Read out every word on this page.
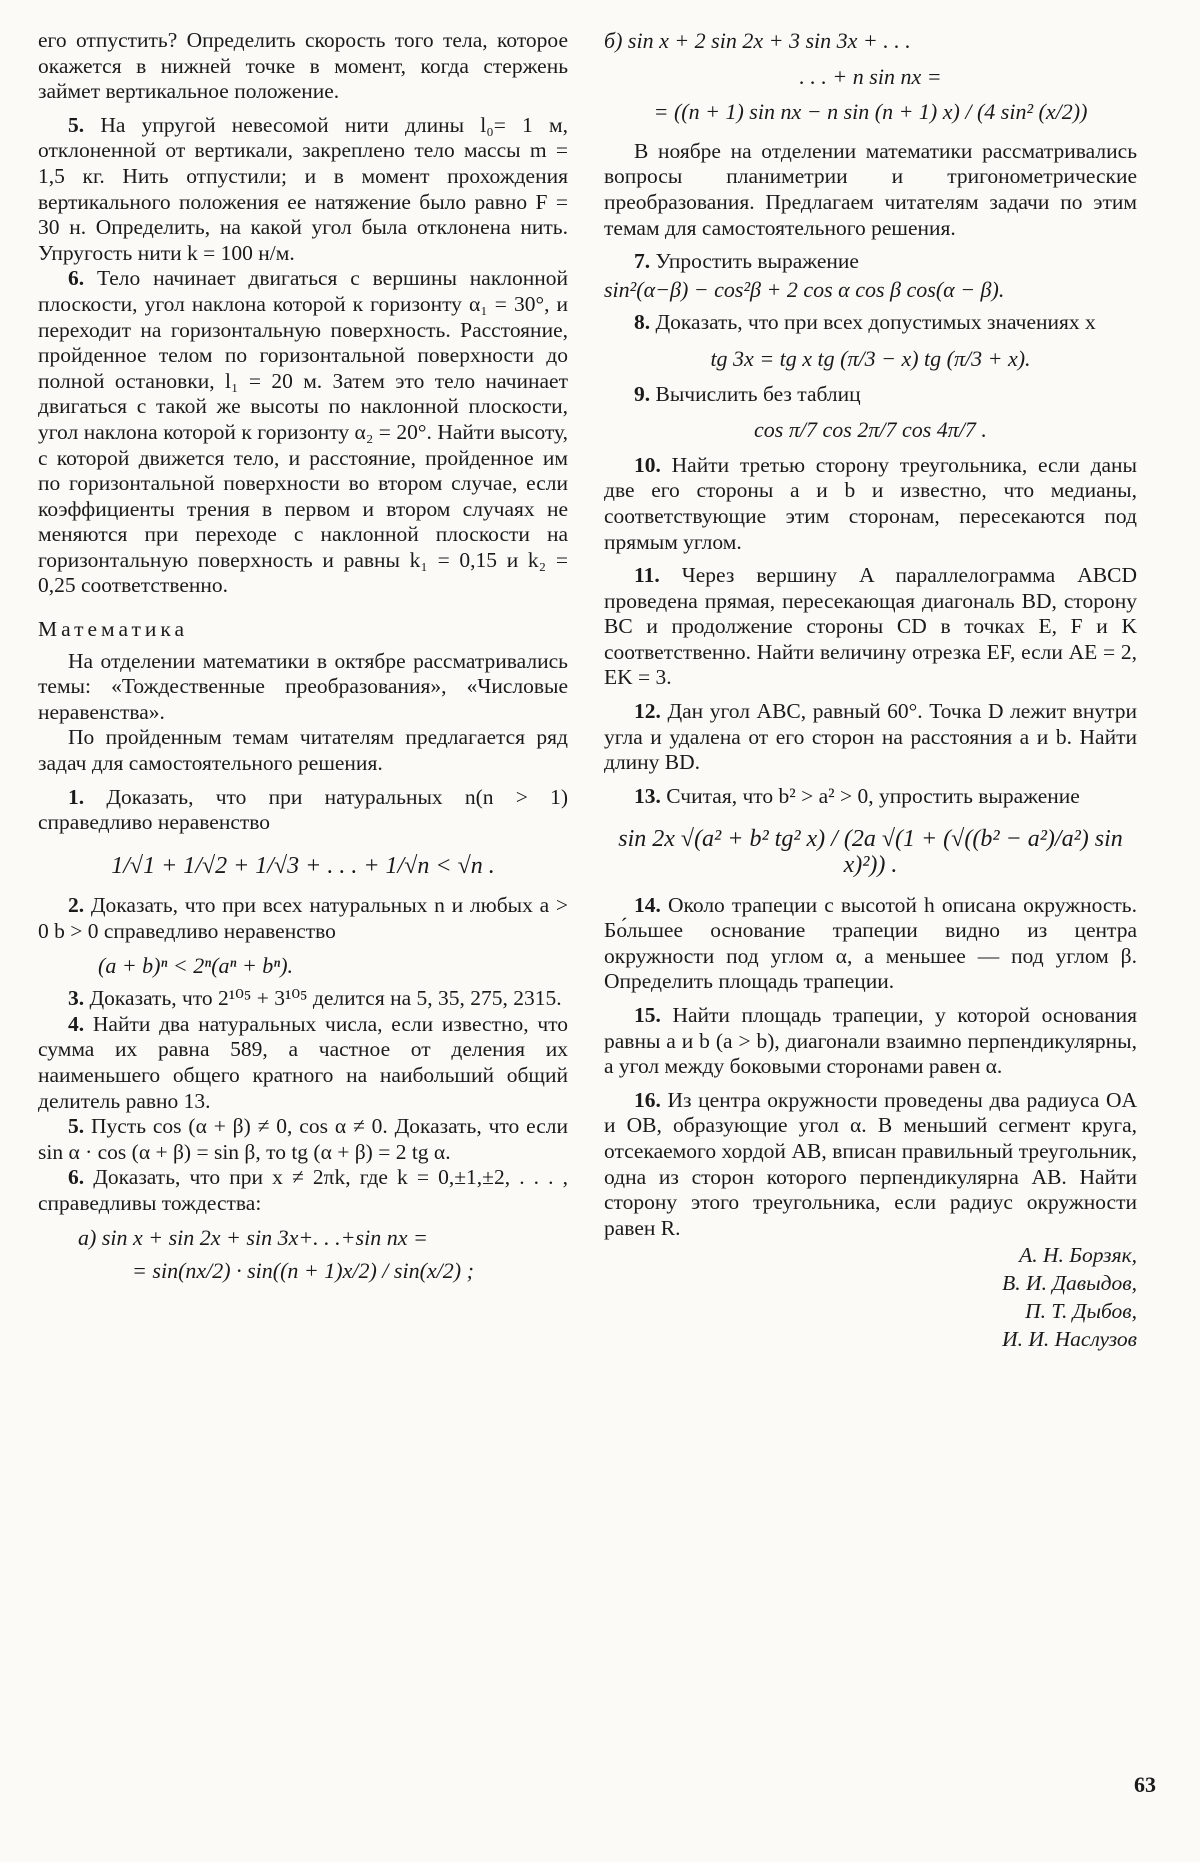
его отпустить? Определить скорость того тела, которое окажется в нижней точке в момент, когда стержень займет вертикальное положение.

5. На упругой невесомой нити длины l₀= 1 м, отклоненной от вертикали, закреплено тело массы m = 1,5 кг. Нить отпустили; и в момент прохождения вертикального положения ее натяжение было равно F = 30 н. Определить, на какой угол была отклонена нить. Упругость нити k = 100 н/м.

6. Тело начинает двигаться с вершины наклонной плоскости, угол наклона которой к горизонту α₁ = 30°, и переходит на горизонтальную поверхность. Расстояние, пройденное телом по горизонтальной поверхности до полной остановки, l₁ = 20 м. Затем это тело начинает двигаться с такой же высоты по наклонной плоскости, угол наклона которой к горизонту α₂ = 20°. Найти высоту, с которой движется тело, и расстояние, пройденное им по горизонтальной поверхности во втором случае, если коэффициенты трения в первом и втором случаях не меняются при переходе с наклонной плоскости на горизонтальную поверхность и равны k₁ = 0,15 и k₂ = 0,25 соответственно.

Математика

На отделении математики в октябре рассматривались темы: «Тождественные преобразования», «Числовые неравенства».

По пройденным темам читателям предлагается ряд задач для самостоятельного решения.

1. Доказать, что при натуральных n(n > 1) справедливо неравенство

1/√1 + 1/√2 + 1/√3 + . . . + 1/√n < √n .

2. Доказать, что при всех натуральных n и любых a > 0 b > 0 справедливо неравенство

(a + b)ⁿ < 2ⁿ(aⁿ + bⁿ).

3. Доказать, что 2¹⁰⁵ + 3¹⁰⁵ делится на 5, 35, 275, 2315.

4. Найти два натуральных числа, если известно, что сумма их равна 589, а частное от деления их наименьшего общего кратного на наибольший общий делитель равно 13.

5. Пусть cos (α + β) ≠ 0, cos α ≠ 0. Доказать, что если sin α · cos (α + β) = sin β, то tg (α + β) = 2 tg α.

6. Доказать, что при x ≠ 2πk, где k = 0,±1,±2, . . . , справедливы тождества:

а) sin x + sin 2x + sin 3x+. . .+sin nx =

= sin(nx/2) · sin((n + 1)x/2) / sin(x/2) ;

б) sin x + 2 sin 2x + 3 sin 3x + . . .

. . . + n sin nx =

= ((n + 1) sin nx − n sin (n + 1) x) / (4 sin² (x/2))

В ноябре на отделении математики рассматривались вопросы планиметрии и тригонометрические преобразования. Предлагаем читателям задачи по этим темам для самостоятельного решения.

7. Упростить выражение

sin²(α−β) − cos²β + 2 cos α cos β cos(α − β).

8. Доказать, что при всех допустимых значениях x

tg 3x = tg x tg (π/3 − x) tg (π/3 + x).

9. Вычислить без таблиц

cos π/7 cos 2π/7 cos 4π/7 .

10. Найти третью сторону треугольника, если даны две его стороны a и b и известно, что медианы, соответствующие этим сторонам, пересекаются под прямым углом.

11. Через вершину A параллелограмма ABCD проведена прямая, пересекающая диагональ BD, сторону BC и продолжение стороны CD в точках E, F и K соответственно. Найти величину отрезка EF, если AE = 2, EK = 3.

12. Дан угол ABC, равный 60°. Точка D лежит внутри угла и удалена от его сторон на расстояния a и b. Найти длину BD.

13. Считая, что b² > a² > 0, упростить выражение

sin 2x √(a² + b² tg² x) / (2a √(1 + (√((b² − a²)/a²) sin x)²)) .

14. Около трапеции с высотой h описана окружность. Бо́льшее основание трапеции видно из центра окружности под углом α, а меньшее — под углом β. Определить площадь трапеции.

15. Найти площадь трапеции, у которой основания равны a и b (a > b), диагонали взаимно перпендикулярны, а угол между боковыми сторонами равен α.

16. Из центра окружности проведены два радиуса OA и OB, образующие угол α. В меньший сегмент круга, отсекаемого хордой AB, вписан правильный треугольник, одна из сторон которого перпендикулярна AB. Найти сторону этого треугольника, если радиус окружности равен R.

А. Н. Борзяк,

В. И. Давыдов,

П. Т. Дыбов,

И. И. Наслузов

63
